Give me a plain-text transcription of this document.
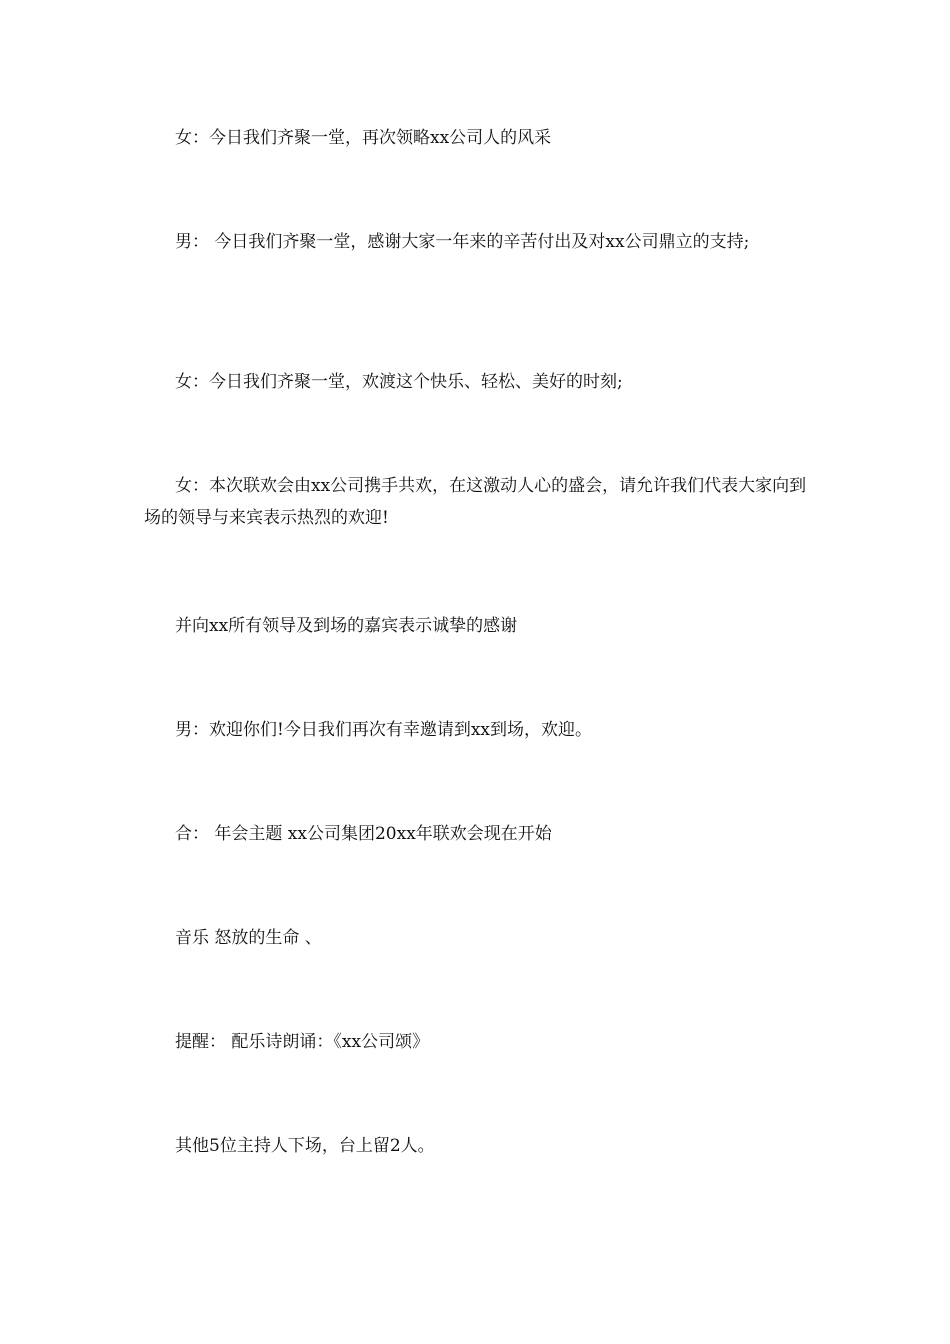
女：今日我们齐聚一堂，再次领略xx公司人的风采

男： 今日我们齐聚一堂，感谢大家一年来的辛苦付出及对xx公司鼎立的支持;

女：今日我们齐聚一堂，欢渡这个快乐、轻松、美好的时刻;

女：本次联欢会由xx公司携手共欢，在这激动人心的盛会，请允许我们代表大家向到场的领导与来宾表示热烈的欢迎!

并向xx所有领导及到场的嘉宾表示诚挚的感谢

男：欢迎你们!今日我们再次有幸邀请到xx到场，欢迎。

合： 年会主题 xx公司集团20xx年联欢会现在开始

音乐 怒放的生命 、

提醒： 配乐诗朗诵：《xx公司颂》

其他5位主持人下场，台上留2人。
